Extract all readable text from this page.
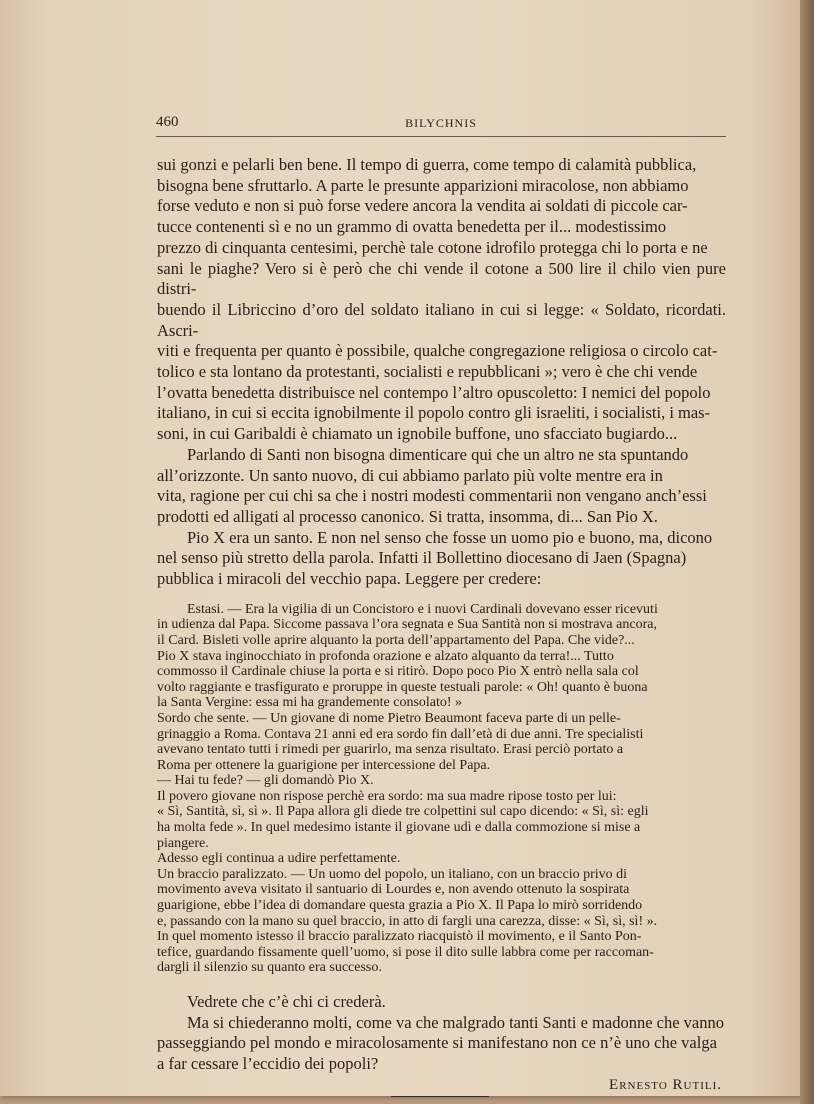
460	BILYCHNIS

sui gonzi e pelarli ben bene. Il tempo di guerra, come tempo di calamità pubblica,
bisogna bene sfruttarlo. A parte le presunte apparizioni miracolose, non abbiamo
forse veduto e non si può forse vedere ancora la vendita ai soldati di piccole car-
tucce contenenti sì e no un grammo di ovatta benedetta per il... modestissimo
prezzo di cinquanta centesimi, perchè tale cotone idrofilo protegga chi lo porta e ne
sani le piaghe? Vero si è però che chi vende il cotone a 500 lire il chilo vien pure distri-
buendo il Libriccino d’oro del soldato italiano in cui si legge: « Soldato, ricordati. Ascri-
viti e frequenta per quanto è possibile, qualche congregazione religiosa o circolo cat-
tolico e sta lontano da protestanti, socialisti e repubblicani »; vero è che chi vende
l’ovatta benedetta distribuisce nel contempo l’altro opuscoletto: I nemici del popolo
italiano, in cui si eccita ignobilmente il popolo contro gli israeliti, i socialisti, i mas-
soni, in cui Garibaldi è chiamato un ignobile buffone, uno sfacciato bugiardo...

Parlando di Santi non bisogna dimenticare qui che un altro ne sta spuntando
all’orizzonte. Un santo nuovo, di cui abbiamo parlato più volte mentre era in
vita, ragione per cui chi sa che i nostri modesti commentarii non vengano anch’essi
prodotti ed alligati al processo canonico. Si tratta, insomma, di... San Pio X.

Pio X era un santo. E non nel senso che fosse un uomo pio e buono, ma, dicono
nel senso più stretto della parola. Infatti il Bollettino diocesano di Jaen (Spagna)
pubblica i miracoli del vecchio papa. Leggere per credere:

Estasi. — Era la vigilia di un Concistoro e i nuovi Cardinali dovevano esser ricevuti
in udienza dal Papa. Siccome passava l’ora segnata e Sua Santità non si mostrava ancora,
il Card. Bisleti volle aprire alquanto la porta dell’appartamento del Papa. Che vide?...
Pio X stava inginocchiato in profonda orazione e alzato alquanto da terra!... Tutto
commosso il Cardinale chiuse la porta e si ritirò. Dopo poco Pio X entrò nella sala col
volto raggiante e trasfigurato e proruppe in queste testuali parole: « Oh! quanto è buona
la Santa Vergine: essa mi ha grandemente consolato! »
Sordo che sente. — Un giovane di nome Pietro Beaumont faceva parte di un pelle-
grinaggio a Roma. Contava 21 anni ed era sordo fin dall’età di due anni. Tre specialisti
avevano tentato tutti i rimedi per guarirlo, ma senza risultato. Erasi perciò portato a
Roma per ottenere la guarigione per intercessione del Papa.
— Hai tu fede? — gli domandò Pio X.
Il povero giovane non rispose perchè era sordo: ma sua madre ripose tosto per lui:
« Sì, Santità, sì, sì ». Il Papa allora gli diede tre colpettini sul capo dicendo: « Sì, sì: egli
ha molta fede ». In quel medesimo istante il giovane udì e dalla commozione si mise a
piangere.
Adesso egli continua a udire perfettamente.
Un braccio paralizzato. — Un uomo del popolo, un italiano, con un braccio privo di
movimento aveva visitato il santuario di Lourdes e, non avendo ottenuto la sospirata
guarigione, ebbe l’idea di domandare questa grazia a Pio X. Il Papa lo mirò sorridendo
e, passando con la mano su quel braccio, in atto di fargli una carezza, disse: « Sì, sì, sì! ».
In quel momento istesso il braccio paralizzato riacquistò il movimento, e il Santo Pon-
tefice, guardando fissamente quell’uomo, si pose il dito sulle labbra come per raccoman-
dargli il silenzio su quanto era successo.

Vedrete che c’è chi ci crederà.

Ma si chiederanno molti, come va che malgrado tanti Santi e madonne che vanno
passeggiando pel mondo e miracolosamente si manifestano non ce n’è uno che valga
a far cessare l’eccidio dei popoli?

Ernesto Rutili.
